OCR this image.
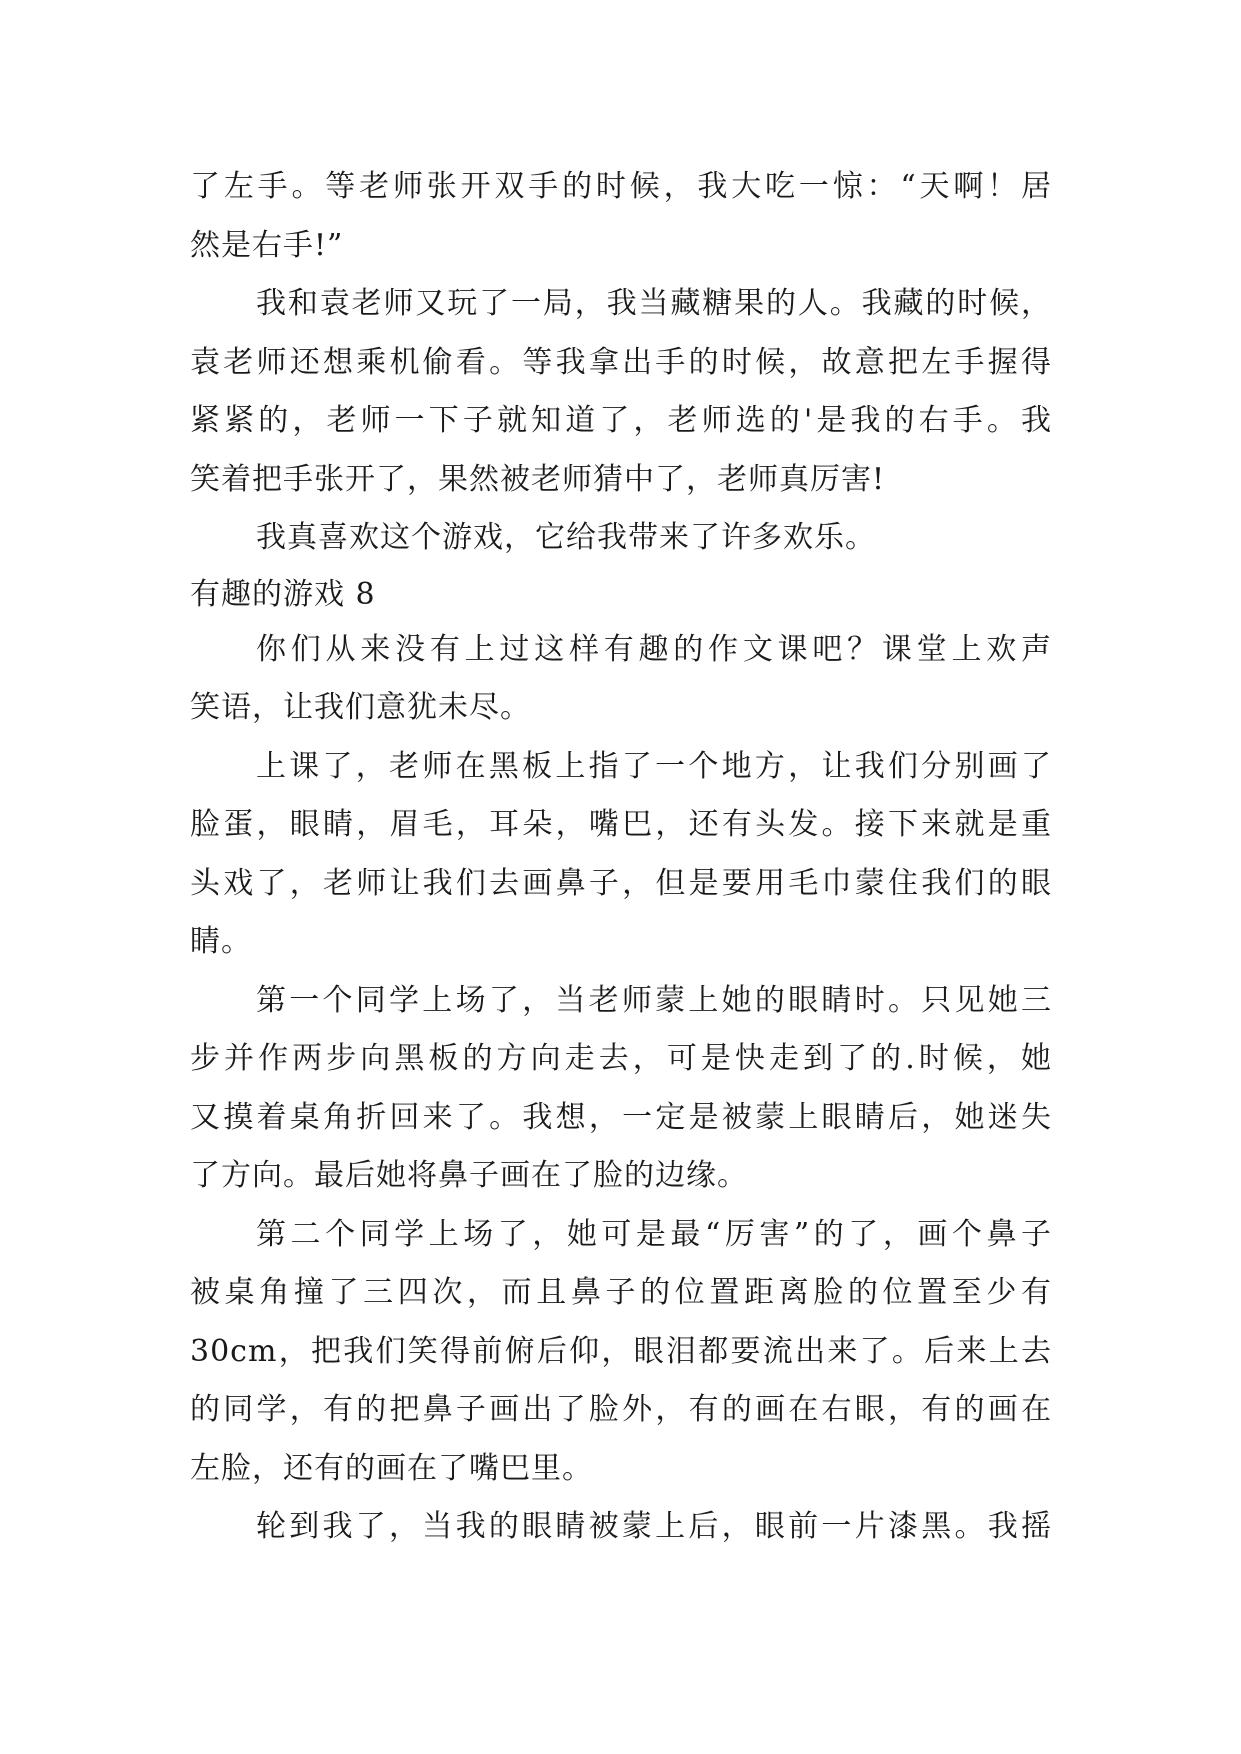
了左手。等老师张开双手的时候，我大吃一惊：“天啊！居
然是右手!”
我和袁老师又玩了一局，我当藏糖果的人。我藏的时候，
袁老师还想乘机偷看。等我拿出手的时候，故意把左手握得
紧紧的，老师一下子就知道了，老师选的'是我的右手。我
笑着把手张开了，果然被老师猜中了，老师真厉害!
我真喜欢这个游戏，它给我带来了许多欢乐。
有趣的游戏 8
你们从来没有上过这样有趣的作文课吧？课堂上欢声
笑语，让我们意犹未尽。
上课了，老师在黑板上指了一个地方，让我们分别画了
脸蛋，眼睛，眉毛，耳朵，嘴巴，还有头发。接下来就是重
头戏了，老师让我们去画鼻子，但是要用毛巾蒙住我们的眼
睛。
第一个同学上场了，当老师蒙上她的眼睛时。只见她三
步并作两步向黑板的方向走去，可是快走到了的.时候，她
又摸着桌角折回来了。我想，一定是被蒙上眼睛后，她迷失
了方向。最后她将鼻子画在了脸的边缘。
第二个同学上场了，她可是最“厉害”的了，画个鼻子
被桌角撞了三四次，而且鼻子的位置距离脸的位置至少有
30cm，把我们笑得前俯后仰，眼泪都要流出来了。后来上去
的同学，有的把鼻子画出了脸外，有的画在右眼，有的画在
左脸，还有的画在了嘴巴里。
轮到我了，当我的眼睛被蒙上后，眼前一片漆黑。我摇
